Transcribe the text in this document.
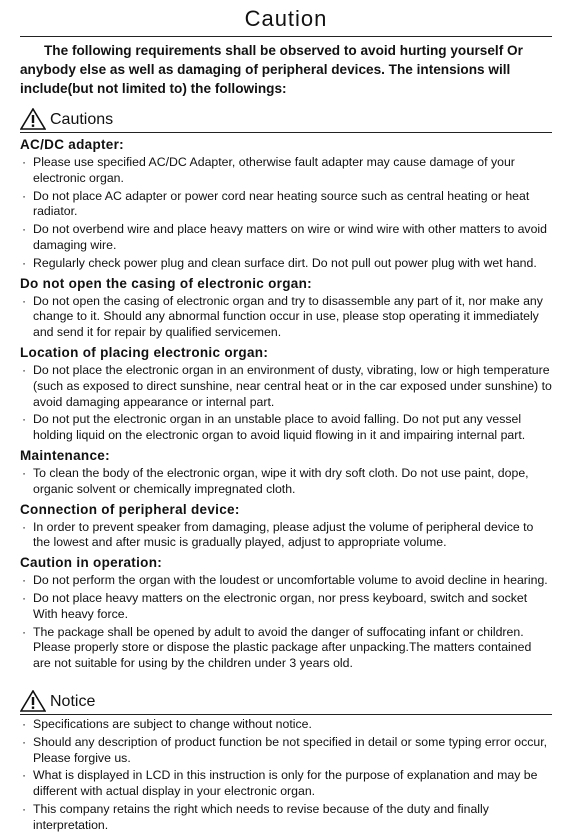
Caution
The following requirements shall be observed to avoid hurting yourself Or anybody else as well as damaging of peripheral devices. The intensions will include(but not limited to) the followings:
Cautions
AC/DC adapter:
· Please use specified AC/DC Adapter, otherwise fault adapter may cause damage of your electronic organ.
· Do not place AC adapter or power cord near heating source such as central heating or heat radiator.
· Do not overbend wire and place heavy matters on wire or wind wire with other matters to avoid damaging wire.
· Regularly check power plug and clean surface dirt. Do not pull out power plug with wet hand.
Do not open the casing of electronic organ:
· Do not open the casing of electronic organ and try to disassemble any part of it, nor make any change to it. Should any abnormal function occur in use, please stop operating it immediately and send it for repair by qualified servicemen.
Location of placing electronic organ:
· Do not place the electronic organ in an environment of dusty, vibrating, low or high temperature (such as exposed to direct sunshine, near central heat or in the car exposed under sunshine) to avoid damaging appearance or internal part.
· Do not put the electronic organ in an unstable place to avoid falling. Do not put any vessel holding liquid on the electronic organ to avoid liquid flowing in it and impairing internal part.
Maintenance:
· To clean the body of the electronic organ, wipe it with dry soft cloth. Do not use paint, dope, organic solvent or chemically impregnated cloth.
Connection of peripheral device:
· In order to prevent speaker from damaging, please adjust the volume of peripheral device to the lowest and after music is gradually played, adjust to appropriate volume.
Caution in operation:
· Do not perform the organ with the loudest or uncomfortable volume to avoid decline in hearing.
· Do not place heavy matters on the electronic organ, nor press keyboard, switch and socket With heavy force.
· The package shall be opened by adult to avoid the danger of suffocating infant or children. Please properly store or dispose the plastic package after unpacking.The matters contained are not suitable for using by the children under 3 years old.
Notice
· Specifications are subject to change without notice.
· Should any description of product function be not specified in detail or some typing error occur, Please forgive us.
· What is displayed in LCD in this instruction is only for the purpose of explanation and may be different with actual display in your electronic organ.
· This company retains the right which needs to revise because of the duty and finally interpretation.
